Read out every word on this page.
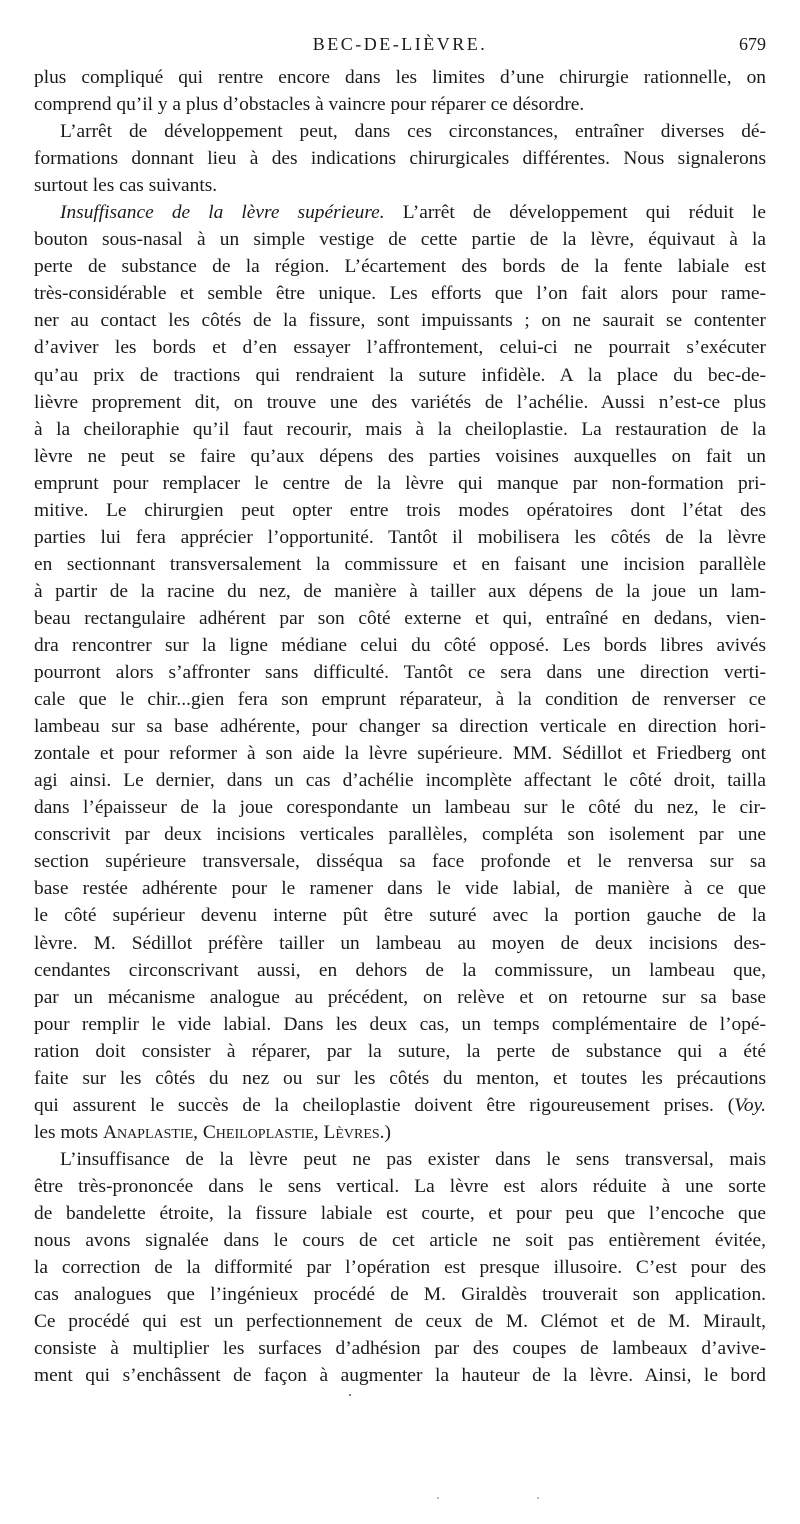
BEC-DE-LIÈVRE.	679
plus compliqué qui rentre encore dans les limites d’une chirurgie rationnelle, on
comprend qu’il y a plus d’obstacles à vaincre pour réparer ce désordre.
L’arrêt de développement peut, dans ces circonstances, entraîner diverses dé-
formations donnant lieu à des indications chirurgicales différentes. Nous signalerons
surtout les cas suivants.
Insuffisance de la lèvre supérieure. L’arrêt de développement qui réduit le
bouton sous-nasal à un simple vestige de cette partie de la lèvre, équivaut à la
perte de substance de la région. L’écartement des bords de la fente labiale est
très-considérable et semble être unique. Les efforts que l’on fait alors pour rame-
ner au contact les côtés de la fissure, sont impuissants ; on ne saurait se contenter
d’aviver les bords et d’en essayer l’affrontement, celui-ci ne pourrait s’exécuter
qu’au prix de tractions qui rendraient la suture infidèle. A la place du bec-de-
lièvre proprement dit, on trouve une des variétés de l’achélie. Aussi n’est-ce plus
à la cheiloraphie qu’il faut recourir, mais à la cheiloplastie. La restauration de la
lèvre ne peut se faire qu’aux dépens des parties voisines auxquelles on fait un
emprunt pour remplacer le centre de la lèvre qui manque par non-formation pri-
mitive. Le chirurgien peut opter entre trois modes opératoires dont l’état des
parties lui fera apprécier l’opportunité. Tantôt il mobilisera les côtés de la lèvre
en sectionnant transversalement la commissure et en faisant une incision parallèle
à partir de la racine du nez, de manière à tailler aux dépens de la joue un lam-
beau rectangulaire adhérent par son côté externe et qui, entraîné en dedans, vien-
dra rencontrer sur la ligne médiane celui du côté opposé. Les bords libres avivés
pourront alors s’affronter sans difficulté. Tantôt ce sera dans une direction verti-
cale que le chir...gien fera son emprunt réparateur, à la condition de renverser ce
lambeau sur sa base adhérente, pour changer sa direction verticale en direction hori-
zontale et pour reformer à son aide la lèvre supérieure. MM. Sédillot et Friedberg ont
agi ainsi. Le dernier, dans un cas d’achélie incomplète affectant le côté droit, tailla
dans l’épaisseur de la joue corespondante un lambeau sur le côté du nez, le cir-
conscrivit par deux incisions verticales parallèles, compléta son isolement par une
section supérieure transversale, disséqua sa face profonde et le renversa sur sa
base restée adhérente pour le ramener dans le vide labial, de manière à ce que
le côté supérieur devenu interne pût être suturé avec la portion gauche de la
lèvre. M. Sédillot préfère tailler un lambeau au moyen de deux incisions des-
cendantes circonscrivant aussi, en dehors de la commissure, un lambeau que,
par un mécanisme analogue au précédent, on relève et on retourne sur sa base
pour remplir le vide labial. Dans les deux cas, un temps complémentaire de l’opé-
ration doit consister à réparer, par la suture, la perte de substance qui a été
faite sur les côtés du nez ou sur les côtés du menton, et toutes les précautions
qui assurent le succès de la cheiloplastie doivent être rigoureusement prises. (Voy.
les mots Anaplastie, Cheiloplastie, Lèvres.)
L’insuffisance de la lèvre peut ne pas exister dans le sens transversal, mais
être très-prononcée dans le sens vertical. La lèvre est alors réduite à une sorte
de bandelette étroite, la fissure labiale est courte, et pour peu que l’encoche que
nous avons signalée dans le cours de cet article ne soit pas entièrement évitée,
la correction de la difformité par l’opération est presque illusoire. C’est pour des
cas analogues que l’ingénieux procédé de M. Giraldès trouverait son application.
Ce procédé qui est un perfectionnement de ceux de M. Clémot et de M. Mirault,
consiste à multiplier les surfaces d’adhésion par des coupes de lambeaux d’avive-
ment qui s’enchâssent de façon à augmenter la hauteur de la lèvre. Ainsi, le bord
